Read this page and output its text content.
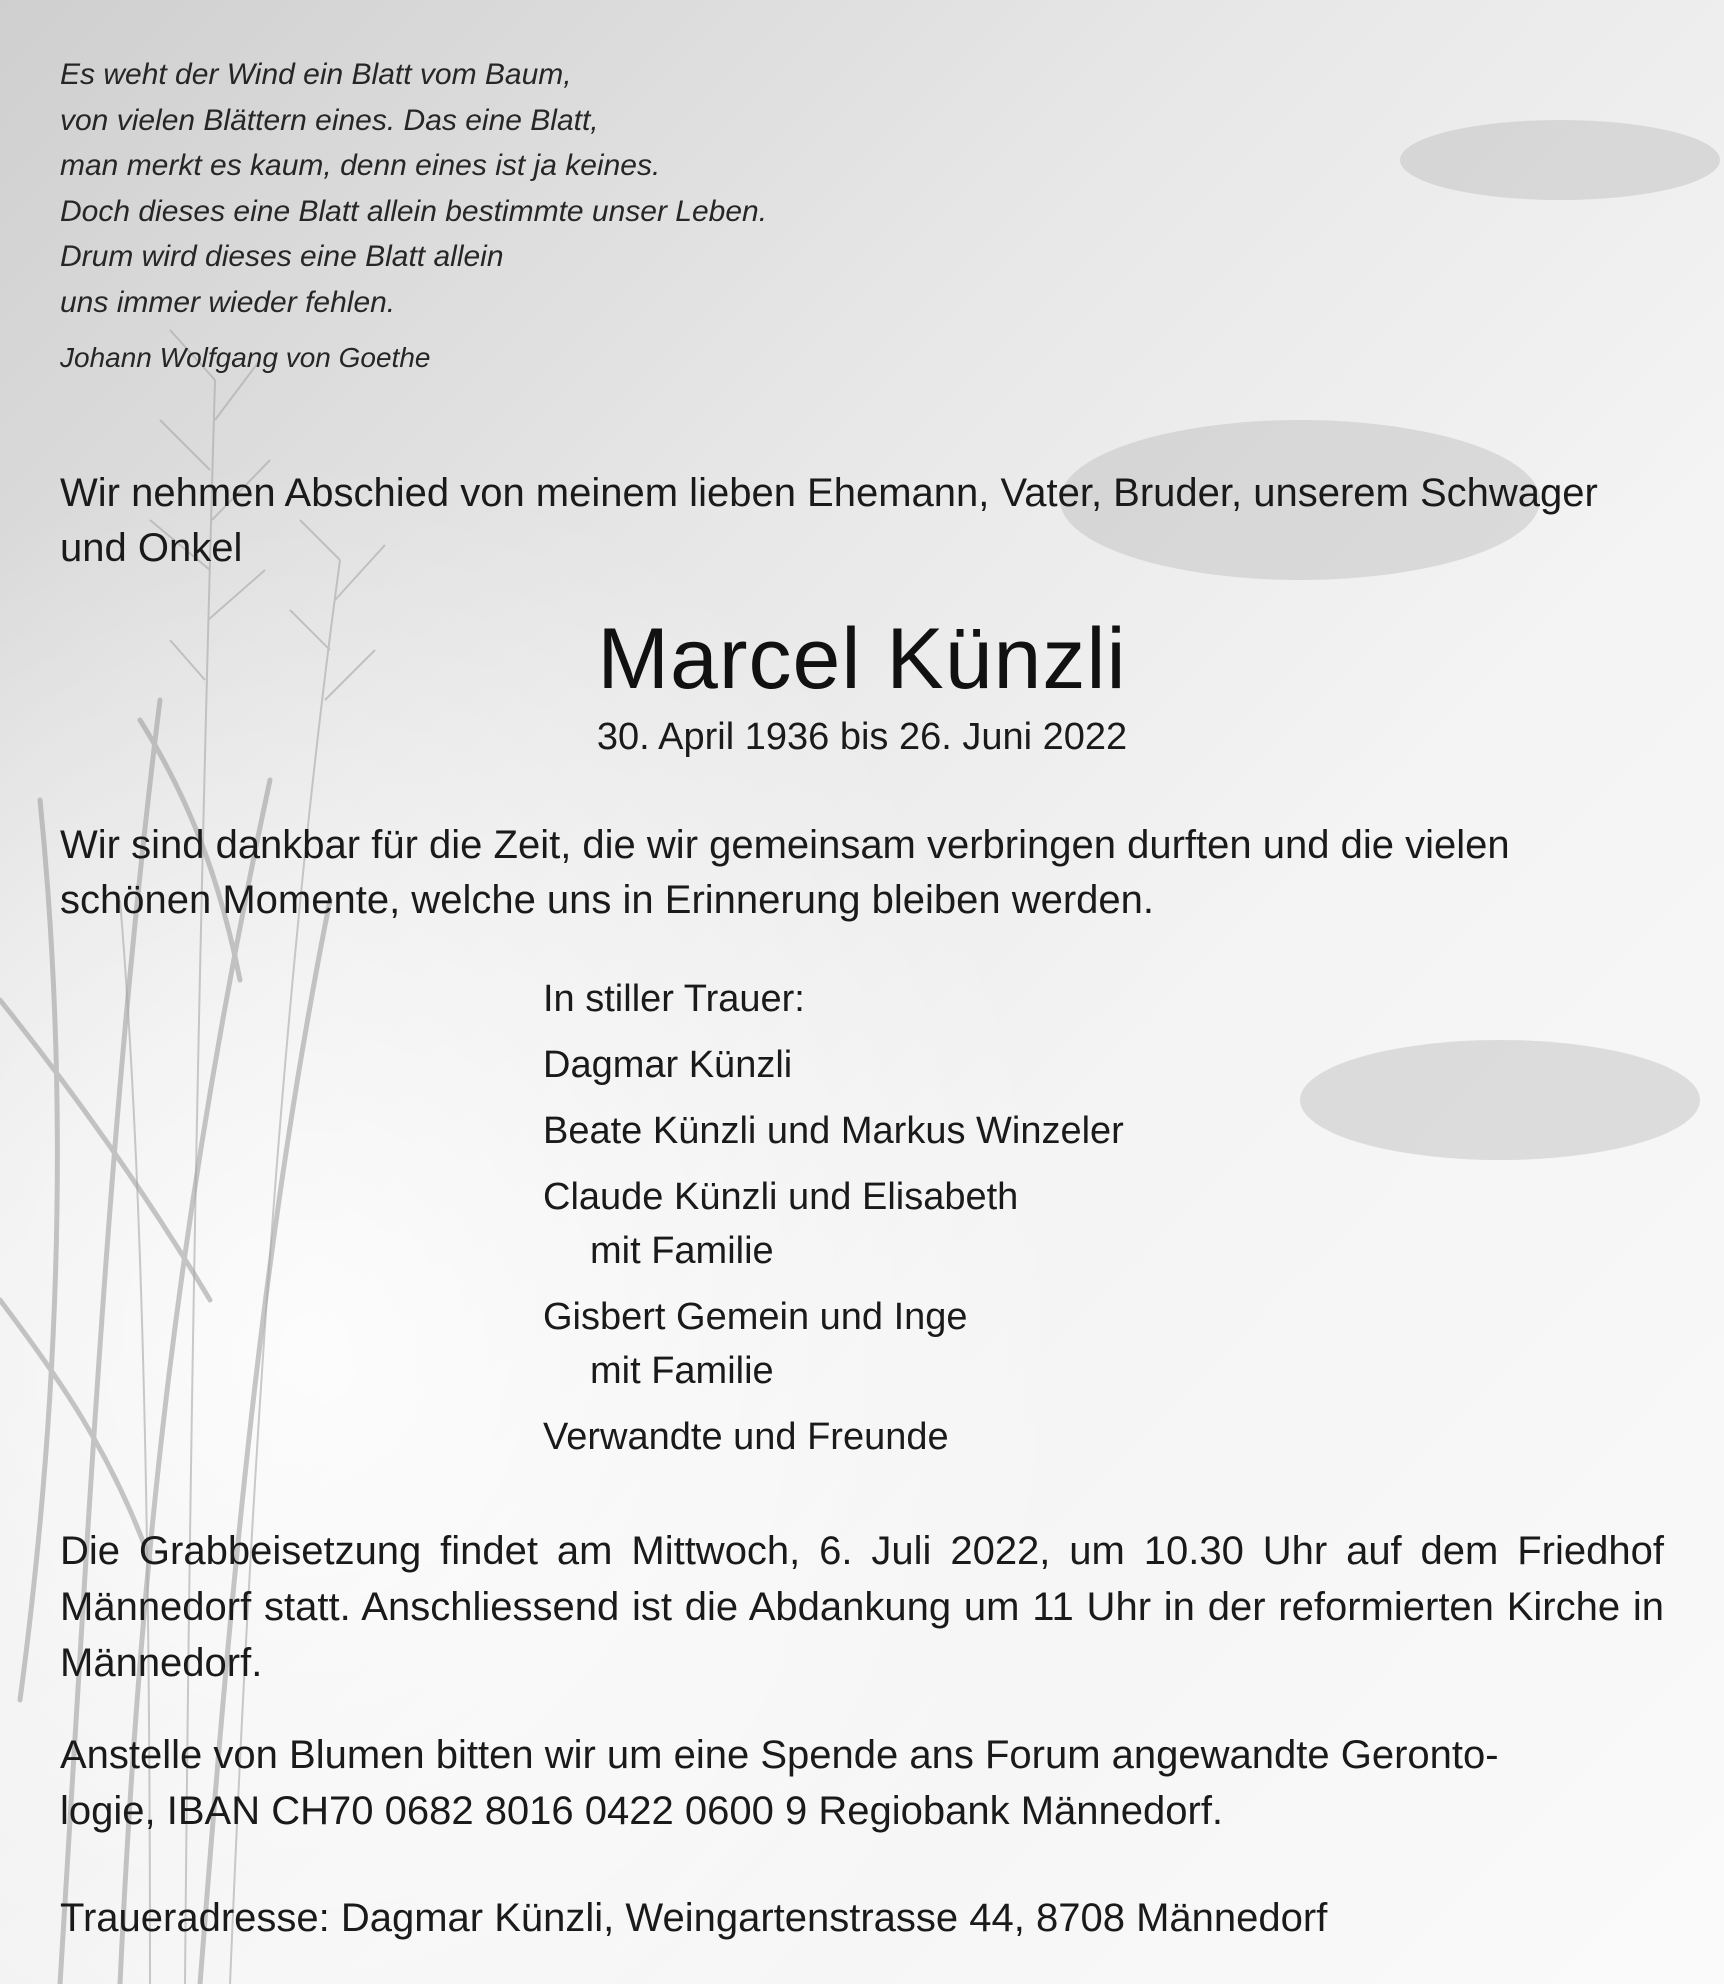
Es weht der Wind ein Blatt vom Baum,
von vielen Blättern eines. Das eine Blatt,
man merkt es kaum, denn eines ist ja keines.
Doch dieses eine Blatt allein bestimmte unser Leben.
Drum wird dieses eine Blatt allein
uns immer wieder fehlen.
Johann Wolfgang von Goethe
Wir nehmen Abschied von meinem lieben Ehemann, Vater, Bruder, unserem Schwager und Onkel
Marcel Künzli
30. April 1936 bis 26. Juni 2022
Wir sind dankbar für die Zeit, die wir gemeinsam verbringen durften und die vielen schönen Momente, welche uns in Erinnerung bleiben werden.
In stiller Trauer:
Dagmar Künzli
Beate Künzli und Markus Winzeler
Claude Künzli und Elisabeth
mit Familie
Gisbert Gemein und Inge
mit Familie
Verwandte und Freunde
Die Grabbeisetzung findet am Mittwoch, 6. Juli 2022, um 10.30 Uhr auf dem Friedhof Männedorf statt. Anschliessend ist die Abdankung um 11 Uhr in der reformierten Kirche in Männedorf.
Anstelle von Blumen bitten wir um eine Spende ans Forum angewandte Geronto-
logie, IBAN CH70 0682 8016 0422 0600 9 Regiobank Männedorf.
Traueradresse: Dagmar Künzli, Weingartenstrasse 44, 8708 Männedorf
